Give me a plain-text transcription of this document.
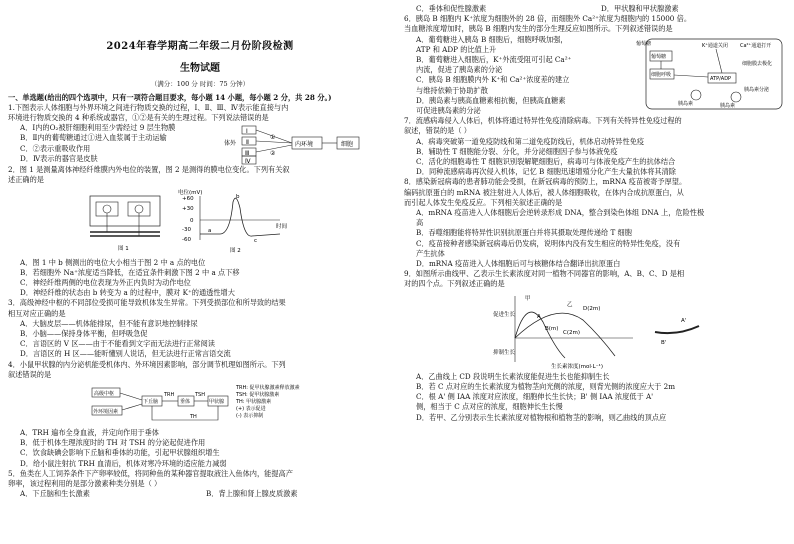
2024年春学期高二年级二月份阶段检测
生物试题
（满分：100 分 时间：75 分钟）

一、单选题(给出的四个选项中，只有一项符合题目要求，每小题 14 小题，每小题 2 分，共 28 分。)

1.下图表示人体细胞与外界环境之间进行物质交换的过程，Ⅰ、Ⅱ、Ⅲ、Ⅳ表示能直接与内

环境进行物质交换的 4 种系统或器官，①②是有关的生理过程。下列说法错误的是

A．Ⅰ内的O₂被肝细胞利用至少需经过 9 层生物膜

B．Ⅱ内的葡萄糖通过①进入血浆属于主动运输

C．②表示重吸收作用

D．Ⅳ表示的器官是皮肤

体外
Ⅰ
Ⅱ
Ⅲ
Ⅳ
①
②
内环境	细胞

2．图 1 是测量离体神经纤维膜内外电位的装置，图 2 是测得的膜电位变化。下列有关叙

述正确的是

图 1
电位(mV)
+60
+30
0
-30
-60
a
b
c
时间
图 2

A．图 1 中 b 侧测出的电位大小相当于图 2 中 a 点的电位

B．若细胞外 Na⁺浓度适当降低，在适宜条件刺激下图 2 中 a 点下移

C．神经纤维两侧的电位表现为外正内负时为动作电位

D．神经纤维的状态由 b 转变为 a 的过程中，膜对 K⁺的通透性增大

3．高级神经中枢的不同部位受损可能导致机体发生异常。下列受损部位和所导致的结果

相互对应正确的是

A．大脑皮层——机体能排尿，但不能有意识地控制排尿

B．小脑——保持身体平衡，但呼吸急促

C．言语区的 V 区——由于不能看到文字而无法进行正常阅读

D．言语区的 H 区——能听懂别人说话，但无法进行正常言语交流

4．小鼠甲状腺的内分泌机能受机体内、外环境因素影响，部分调节机理如图所示。下列

叙述错误的是

高级中枢
外环境因素
下丘脑
TRH
垂体
TSH
甲状腺
TH
TRH: 促甲状腺激素释放激素
TSH: 促甲状腺激素
TH: 甲状腺激素
(+) 表示促进
(-) 表示抑制

A．TRH 遍布全身血液，并定向作用于垂体

B．低于机体生理浓度时的 TH 对 TSH 的分泌起促进作用

C．饮食缺碘会影响下丘脑和垂体的功能，引起甲状腺组织增生

D．给小鼠注射抗 TRH 血清后，机体对寒冷环境的适应能力减弱

5．鱼类在人工饲养条件下产卵率较低，将同种鱼的某种器官提取液注入鱼体内，能提高产

卵率，该过程利用的是部分激素种类分别是（ ）

A．下丘脑和生长激素	B．背上腺和肾上腺皮质激素
C．垂体和促性腺激素	D．甲状腺和甲状腺激素

6．胰岛 B 细胞内 K⁺浓度为细胞外的 28 倍，而细胞外 Ca²⁺浓度为细胞内的 15000 倍。

当血糖浓度增加时，胰岛 B 细胞内发生的部分生理反应如图所示。下列叙述错误的是

A．葡萄糖进入胰岛 B 细胞后，细胞呼吸加强，

ATP 和 ADP 的比值上升

B．葡萄糖进入细胞后，K⁺外流受阻可引起 Ca²⁺

内流，促进了胰岛素的分泌

C．胰岛 B 细胞膜内外 K⁺和 Ca²⁺浓度差的建立

与维持依赖于协助扩散

D．胰岛素与胰高血糖素相抗衡，但胰高血糖素

可促进胰岛素的分泌

葡萄糖
葡萄糖
细胞呼吸
ATP/ADP
K⁺通道关闭 Ca²⁺通道打开
胰岛素	胰岛素
细胞膜去极化
胰岛素分泌

7．流感病毒侵入人体后，机体将通过特异性免疫清除病毒。下列有关特异性免疫过程的

叙述，错误的是（ ）

A．病毒突破第一道免疫防线和第二道免疫防线后，机体启动特异性免疫

B．辅助性 T 细胞能分裂、分化，并分泌细胞因子参与体液免疫

C．活化的细胞毒性 T 细胞识别裂解靶细胞后，病毒可与体液免疫产生的抗体结合

D．同种流感病毒再次侵入机体，记忆 B 细胞迅速增殖分化产生大量抗体将其清除

8．感染新冠病毒的患者肺功能会受损，在新冠病毒的预防上，mRNA 疫苗被寄予厚望。

编码抗原蛋白的 mRNA 被注射进入人体后，被人体细胞吸收，在体内合成抗原蛋白，从

而引起人体发生免疫反应。下列相关叙述正确的是

A．mRNA 疫苗进入人体细胞后会逆转录形成 DNA，整合到染色体组 DNA 上，危险性极

高

B．吞噬细胞能将特异性识别抗原蛋白并将其摄取处理传递给 T 细胞

C．疫苗接种者感染新冠病毒后仍发病，说明体内没有发生相应的特异性免疫，没有

产生抗体

D．mRNA 疫苗进入人体细胞后可与核糖体结合翻译出抗原蛋白

9．如图所示曲线甲、乙表示生长素浓度对同一植物不同器官的影响，A、B、C、D 是相

对的四个点。下列叙述正确的是

促进生长
抑制生长
甲
乙
A
B(m)
D(2m)
C(2m)
生长素浓度(mol·L⁻¹)
A'
B'

A．乙曲线上 CD 段说明生长素浓度能促进生长也能抑制生长

B．若 C 点对应的生长素浓度为植物茎向光侧的浓度，则背光侧的浓度应大于 2m

C．根 A' 侧 IAA 浓度对应浓度，细胞伸长生长快；B' 侧 IAA 浓度低于 A'

侧，相当于 C 点对应的浓度，细胞伸长生长慢

D．若甲、乙分别表示生长素浓度对植物根和植物茎的影响，则乙曲线的顶点应
